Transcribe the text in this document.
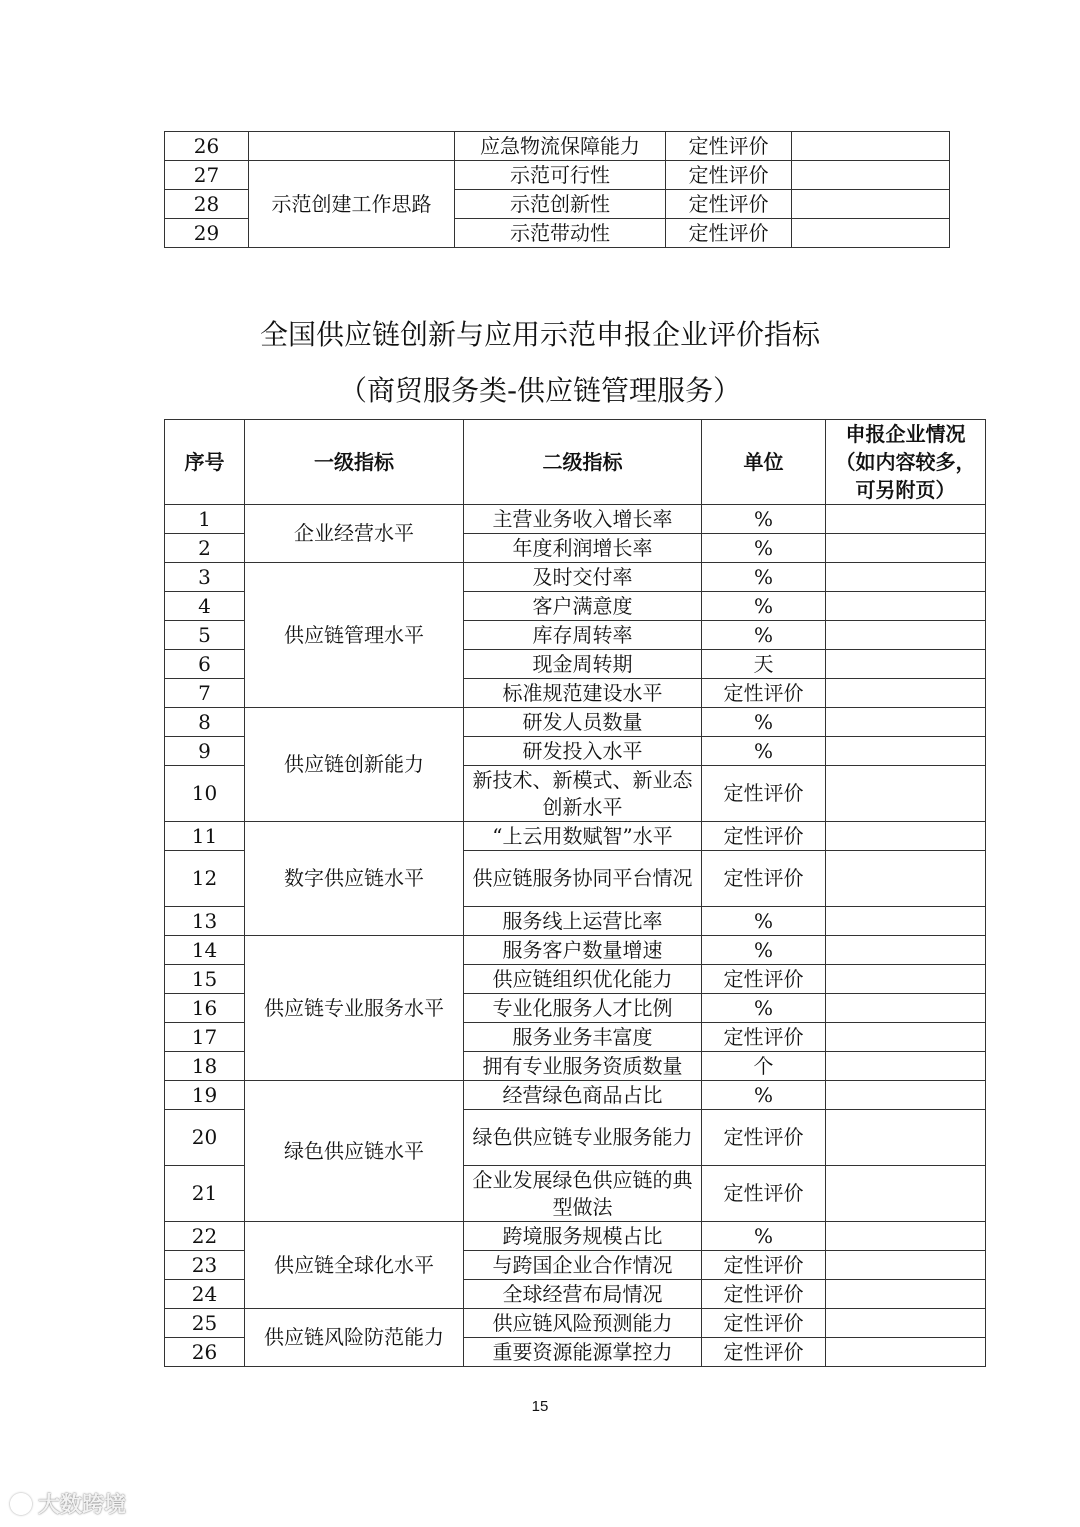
26		应急物流保障能力	定性评价	
27	示范创建工作思路	示范可行性	定性评价	
28		示范创新性	定性评价	
29		示范带动性	定性评价	
全国供应链创新与应用示范申报企业评价指标
（商贸服务类-供应链管理服务）
序号	一级指标	二级指标	单位	申报企业情况（如内容较多，可另附页）
1	企业经营水平	主营业务收入增长率	%	
2		年度利润增长率	%	
3	供应链管理水平	及时交付率	%	
4		客户满意度	%	
5		库存周转率	%	
6		现金周转期	天	
7		标准规范建设水平	定性评价	
8	供应链创新能力	研发人员数量	%	
9		研发投入水平	%	
10		新技术、新模式、新业态创新水平	定性评价	
11	数字供应链水平	“上云用数赋智”水平	定性评价	
12		供应链服务协同平台情况	定性评价	
13		服务线上运营比率	%	
14	供应链专业服务水平	服务客户数量增速	%	
15		供应链组织优化能力	定性评价	
16		专业化服务人才比例	%	
17		服务业务丰富度	定性评价	
18		拥有专业服务资质数量	个	
19	绿色供应链水平	经营绿色商品占比	%	
20		绿色供应链专业服务能力	定性评价	
21		企业发展绿色供应链的典型做法	定性评价	
22	供应链全球化水平	跨境服务规模占比	%	
23		与跨国企业合作情况	定性评价	
24		全球经营布局情况	定性评价	
25	供应链风险防范能力	供应链风险预测能力	定性评价	
26		重要资源能源掌控力	定性评价	
15
大数跨境
